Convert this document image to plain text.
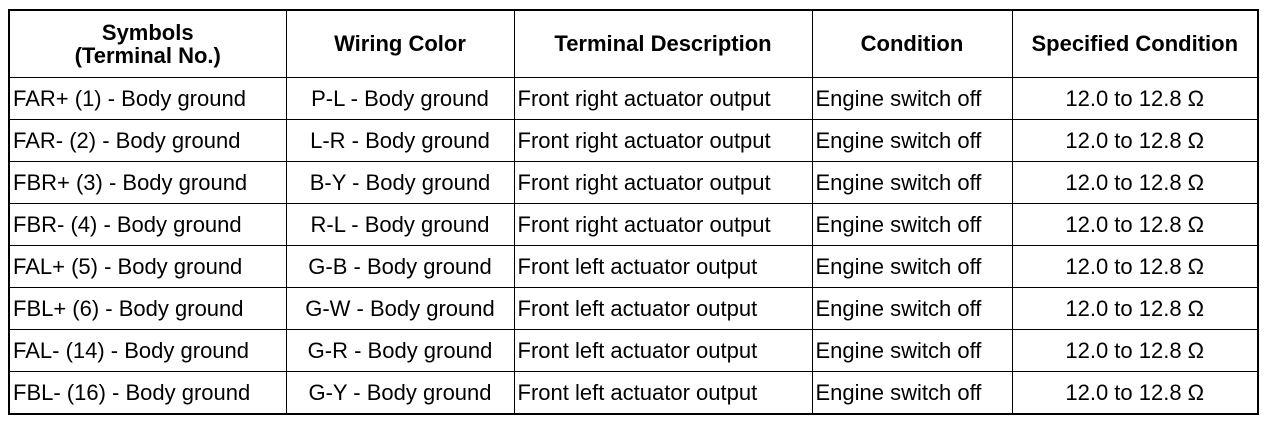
Symbols
(Terminal No.)	Wiring Color	Terminal Description	Condition	Specified Condition
FAR+ (1) - Body ground	P-L - Body ground	Front right actuator output	Engine switch off	12.0 to 12.8 Ω
FAR- (2) - Body ground	L-R - Body ground	Front right actuator output	Engine switch off	12.0 to 12.8 Ω
FBR+ (3) - Body ground	B-Y - Body ground	Front right actuator output	Engine switch off	12.0 to 12.8 Ω
FBR- (4) - Body ground	R-L - Body ground	Front right actuator output	Engine switch off	12.0 to 12.8 Ω
FAL+ (5) - Body ground	G-B - Body ground	Front left actuator output	Engine switch off	12.0 to 12.8 Ω
FBL+ (6) - Body ground	G-W - Body ground	Front left actuator output	Engine switch off	12.0 to 12.8 Ω
FAL- (14) - Body ground	G-R - Body ground	Front left actuator output	Engine switch off	12.0 to 12.8 Ω
FBL- (16) - Body ground	G-Y - Body ground	Front left actuator output	Engine switch off	12.0 to 12.8 Ω
